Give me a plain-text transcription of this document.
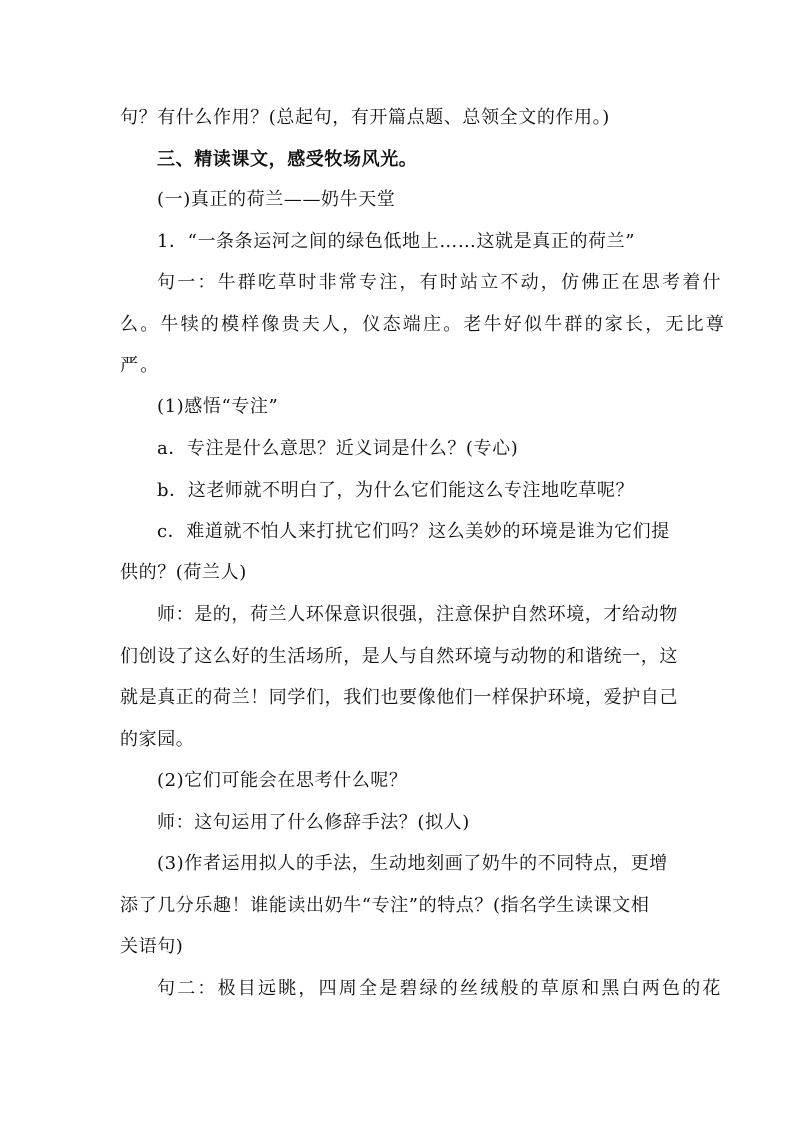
句？有什么作用？(总起句，有开篇点题、总领全文的作用。)
三、精读课文，感受牧场风光。
(一)真正的荷兰——奶牛天堂
1．“一条条运河之间的绿色低地上……这就是真正的荷兰”
句一：牛群吃草时非常专注，有时站立不动，仿佛正在思考着什
么。牛犊的模样像贵夫人，仪态端庄。老牛好似牛群的家长，无比尊
严。
(1)感悟“专注”
a．专注是什么意思？近义词是什么？(专心)
b．这老师就不明白了，为什么它们能这么专注地吃草呢？
c．难道就不怕人来打扰它们吗？这么美妙的环境是谁为它们提
供的？(荷兰人)
师：是的，荷兰人环保意识很强，注意保护自然环境，才给动物
们创设了这么好的生活场所，是人与自然环境与动物的和谐统一，这
就是真正的荷兰！同学们，我们也要像他们一样保护环境，爱护自己
的家园。
(2)它们可能会在思考什么呢？
师：这句运用了什么修辞手法？(拟人)
(3)作者运用拟人的手法，生动地刻画了奶牛的不同特点，更增
添了几分乐趣！谁能读出奶牛“专注”的特点？(指名学生读课文相
关语句)
句二：极目远眺，四周全是碧绿的丝绒般的草原和黑白两色的花
